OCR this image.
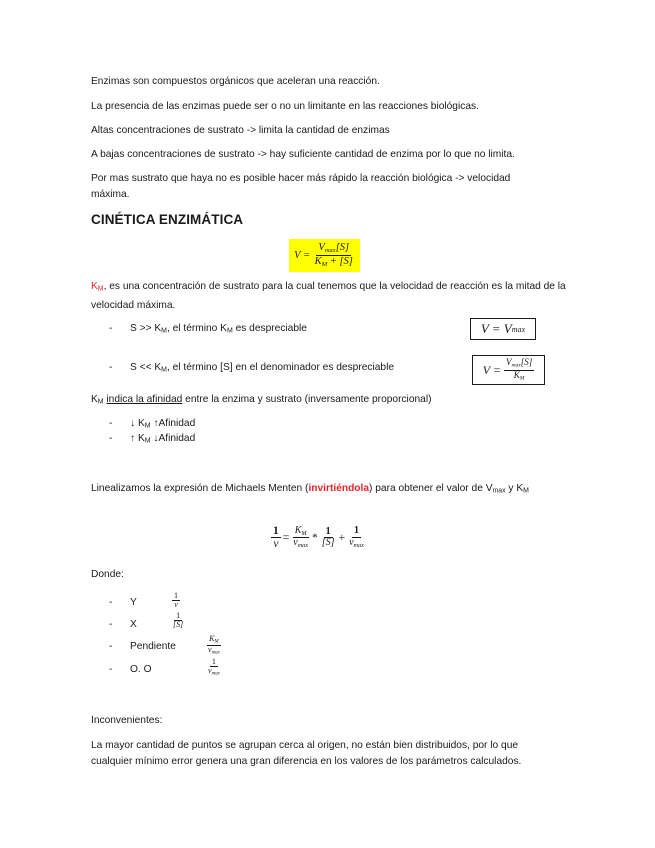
Enzimas son compuestos orgánicos que aceleran una reacción.
La presencia de las enzimas puede ser o no un limitante en las reacciones biológicas.
Altas concentraciones de sustrato -> limita la cantidad de enzimas
A bajas concentraciones de sustrato -> hay suficiente cantidad de enzima por lo que no limita.
Por mas sustrato que haya no es posible hacer más rápido la reacción biológica -> velocidad máxima.
CINÉTICA ENZIMÁTICA
V =
$\frac{V_{max}[S]}{K_M + [S]}$
KM, es una concentración de sustrato para la cual tenemos que la velocidad de reacción es la mitad de la velocidad máxima.
- S >> KM, el término KM es despreciable	V = V max
- S << KM, el término [S] en el denominador es despreciable	V =
$\frac{V_{max}[S]}{K_M}$
KM indica la afinidad entre la enzima y sustrato (inversamente proporcional)
- ↓ KM ↑Afinidad
- ↑ KM ↓Afinidad
Linealizamos la expresión de Michaels Menten (invirtiéndola) para obtener el valor de Vmax y KM
$\frac{1}{v} = \frac{K_M}{v_{max}} * \frac{1}{[S]} + \frac{1}{v_{max}}$
Donde:
- Y	$\frac{1}{v}$
- X	$\frac{1}{[S]}$
- Pendiente	$\frac{K_M}{v_{max}}$
- O. O	$\frac{1}{v_{max}}$
Inconvenientes:
La mayor cantidad de puntos se agrupan cerca al origen, no están bien distribuidos, por lo que cualquier mínimo error genera una gran diferencia en los valores de los parámetros calculados.
